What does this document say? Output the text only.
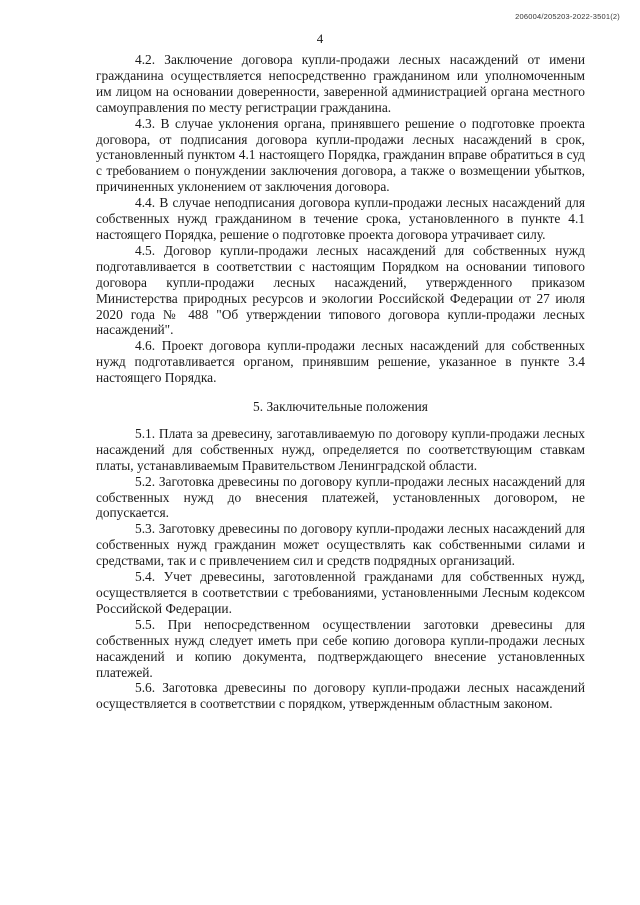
206004/205203-2022-3501(2)
4

4.2. Заключение договора купли-продажи лесных насаждений от имени гражданина осуществляется непосредственно гражданином или уполномоченным им лицом на основании доверенности, заверенной администрацией органа местного самоуправления по месту регистрации гражданина.

4.3. В случае уклонения органа, принявшего решение о подготовке проекта договора, от подписания договора купли-продажи лесных насаждений в срок, установленный пунктом 4.1 настоящего Порядка, гражданин вправе обратиться в суд с требованием о понуждении заключения договора, а также о возмещении убытков, причиненных уклонением от заключения договора.

4.4. В случае неподписания договора купли-продажи лесных насаждений для собственных нужд гражданином в течение срока, установленного в пункте 4.1 настоящего Порядка, решение о подготовке проекта договора утрачивает силу.

4.5. Договор купли-продажи лесных насаждений для собственных нужд подготавливается в соответствии с настоящим Порядком на основании типового договора купли-продажи лесных насаждений, утвержденного приказом Министерства природных ресурсов и экологии Российской Федерации от 27 июля 2020 года № 488 "Об утверждении типового договора купли-продажи лесных насаждений".

4.6. Проект договора купли-продажи лесных насаждений для собственных нужд подготавливается органом, принявшим решение, указанное в пункте 3.4 настоящего Порядка.

5. Заключительные положения

5.1. Плата за древесину, заготавливаемую по договору купли-продажи лесных насаждений для собственных нужд, определяется по соответствующим ставкам платы, устанавливаемым Правительством Ленинградской области.

5.2. Заготовка древесины по договору купли-продажи лесных насаждений для собственных нужд до внесения платежей, установленных договором, не допускается.

5.3. Заготовку древесины по договору купли-продажи лесных насаждений для собственных нужд гражданин может осуществлять как собственными силами и средствами, так и с привлечением сил и средств подрядных организаций.

5.4. Учет древесины, заготовленной гражданами для собственных нужд, осуществляется в соответствии с требованиями, установленными Лесным кодексом Российской Федерации.

5.5. При непосредственном осуществлении заготовки древесины для собственных нужд следует иметь при себе копию договора купли-продажи лесных насаждений и копию документа, подтверждающего внесение установленных платежей.

5.6. Заготовка древесины по договору купли-продажи лесных насаждений осуществляется в соответствии с порядком, утвержденным областным законом.
